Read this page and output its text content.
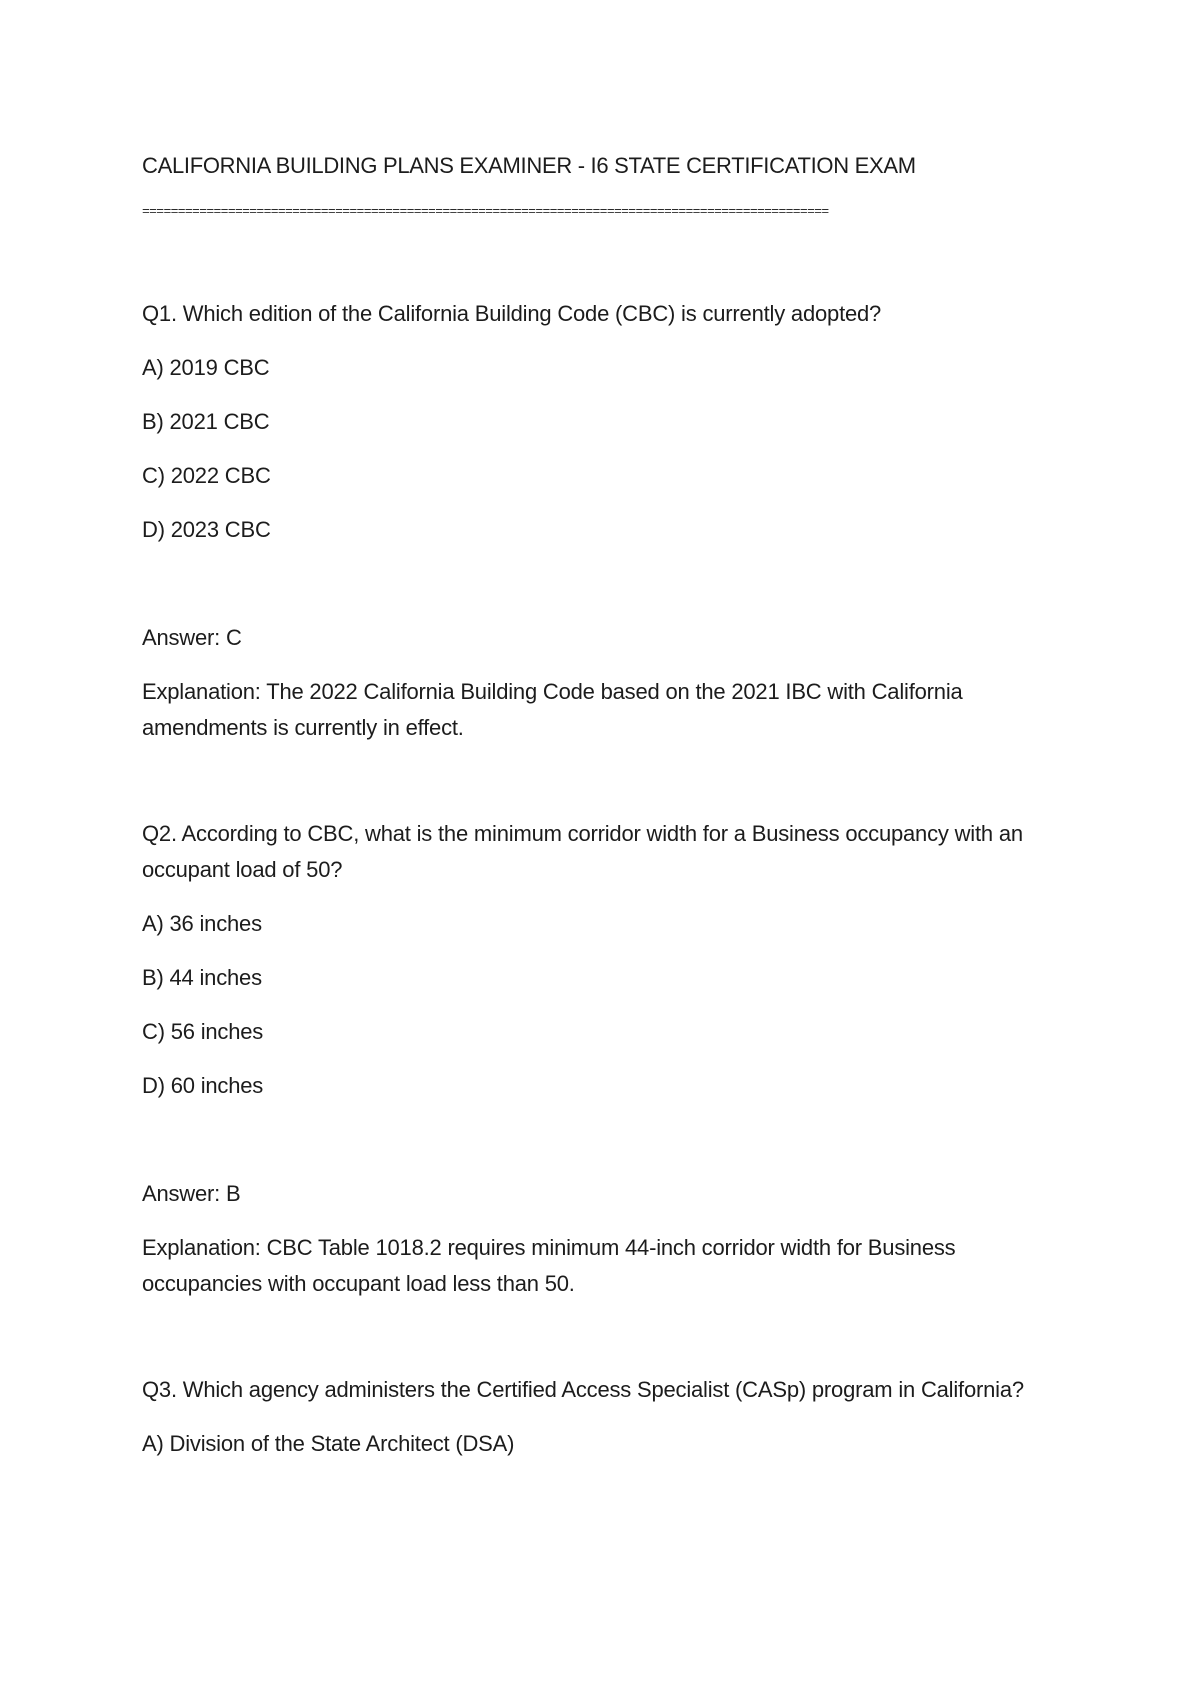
CALIFORNIA BUILDING PLANS EXAMINER - I6 STATE CERTIFICATION EXAM
================================================================================================

Q1. Which edition of the California Building Code (CBC) is currently adopted?

A) 2019 CBC

B) 2021 CBC

C) 2022 CBC

D) 2023 CBC

Answer: C

Explanation: The 2022 California Building Code based on the 2021 IBC with California amendments is currently in effect.

Q2. According to CBC, what is the minimum corridor width for a Business occupancy with an occupant load of 50?

A) 36 inches

B) 44 inches

C) 56 inches

D) 60 inches

Answer: B

Explanation: CBC Table 1018.2 requires minimum 44-inch corridor width for Business occupancies with occupant load less than 50.

Q3. Which agency administers the Certified Access Specialist (CASp) program in California?

A) Division of the State Architect (DSA)
